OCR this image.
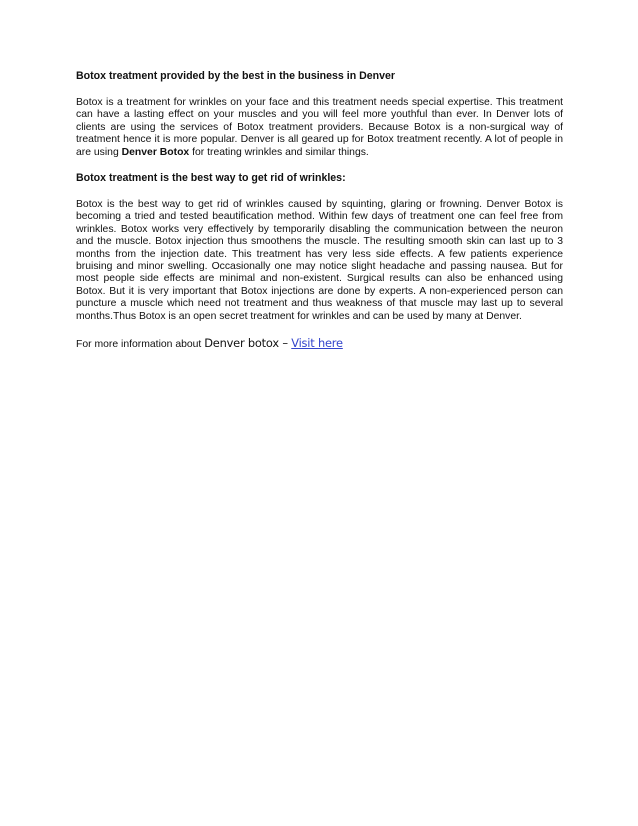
Botox treatment provided by the best in the business in Denver

Botox is a treatment for wrinkles on your face and this treatment needs special expertise. This treatment can have a lasting effect on your muscles and you will feel more youthful than ever. In Denver lots of clients are using the services of Botox treatment providers. Because Botox is a non-surgical way of treatment hence it is more popular. Denver is all geared up for Botox treatment recently. A lot of people in are using Denver Botox for treating wrinkles and similar things.

Botox treatment is the best way to get rid of wrinkles:

Botox is the best way to get rid of wrinkles caused by squinting, glaring or frowning. Denver Botox is becoming a tried and tested beautification method. Within few days of treatment one can feel free from wrinkles. Botox works very effectively by temporarily disabling the communication between the neuron and the muscle. Botox injection thus smoothens the muscle. The resulting smooth skin can last up to 3 months from the injection date. This treatment has very less side effects. A few patients experience bruising and minor swelling. Occasionally one may notice slight headache and passing nausea. But for most people side effects are minimal and non-existent. Surgical results can also be enhanced using Botox. But it is very important that Botox injections are done by experts. A non-experienced person can puncture a muscle which need not treatment and thus weakness of that muscle may last up to several months.Thus Botox is an open secret treatment for wrinkles and can be used by many at Denver.

For more information about Denver botox – Visit here
